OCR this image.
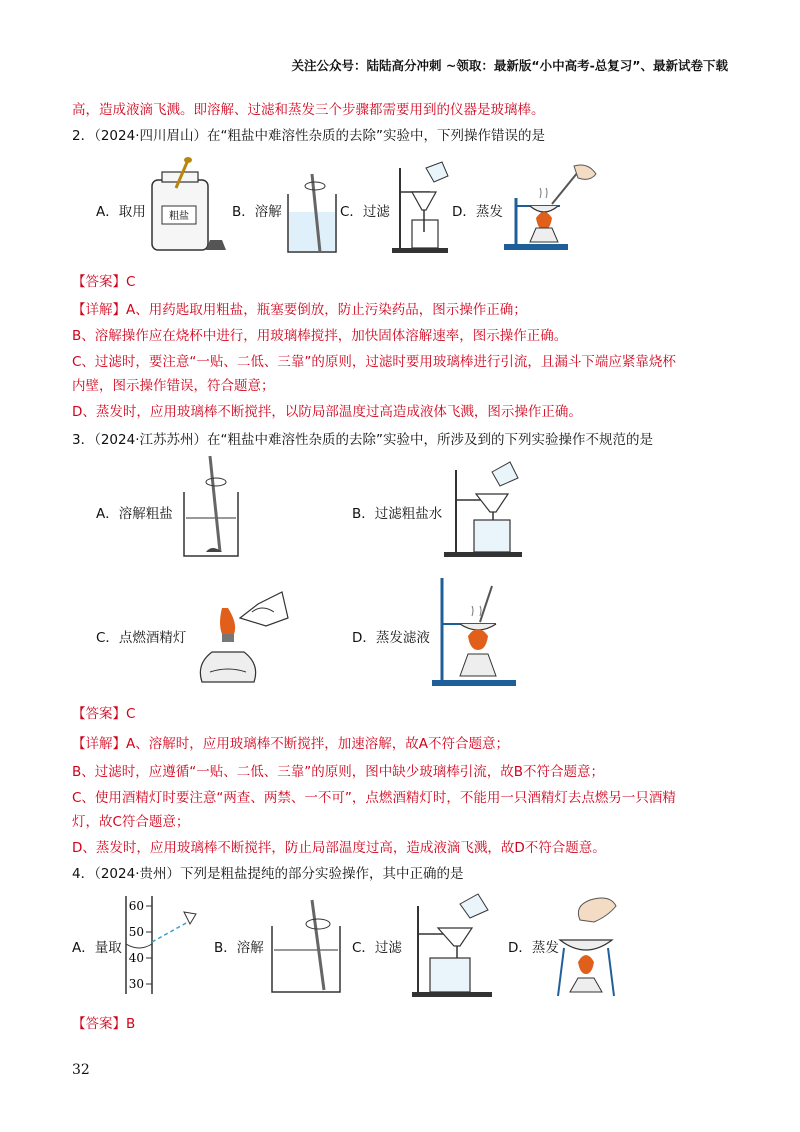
关注公众号：陆陆高分冲刺 ~领取：最新版“小中高考-总复习”、最新试卷下载
高，造成液滴飞溅。即溶解、过滤和蒸发三个步骤都需要用到的仪器是玻璃棒。
2．（2024·四川眉山）在“粗盐中难溶性杂质的去除”实验中，下列操作错误的是
A．取用 粗盐	B．溶解	C．过滤	D．蒸发
【答案】C
【详解】A、用药匙取用粗盐，瓶塞要倒放，防止污染药品，图示操作正确；
B、溶解操作应在烧杯中进行，用玻璃棒搅拌，加快固体溶解速率，图示操作正确。
C、过滤时，要注意“一贴、二低、三靠”的原则，过滤时要用玻璃棒进行引流，且漏斗下端应紧靠烧杯
内壁，图示操作错误，符合题意；
D、蒸发时，应用玻璃棒不断搅拌，以防局部温度过高造成液体飞溅，图示操作正确。
3．（2024·江苏苏州）在“粗盐中难溶性杂质的去除”实验中，所涉及到的下列实验操作不规范的是
A．溶解粗盐	B．过滤粗盐水
C．点燃酒精灯	D．蒸发滤液
【答案】C
【详解】A、溶解时，应用玻璃棒不断搅拌，加速溶解，故A不符合题意；
B、过滤时，应遵循“一贴、二低、三靠”的原则，图中缺少玻璃棒引流，故B不符合题意；
C、使用酒精灯时要注意“两查、两禁、一不可”，点燃酒精灯时，不能用一只酒精灯去点燃另一只酒精
灯，故C符合题意；
D、蒸发时，应用玻璃棒不断搅拌，防止局部温度过高，造成液滴飞溅，故D不符合题意。
4．（2024·贵州）下列是粗盐提纯的部分实验操作，其中正确的是
A．量取
60
50
40
30
B．溶解	C．过滤	D．蒸发
【答案】B
32
